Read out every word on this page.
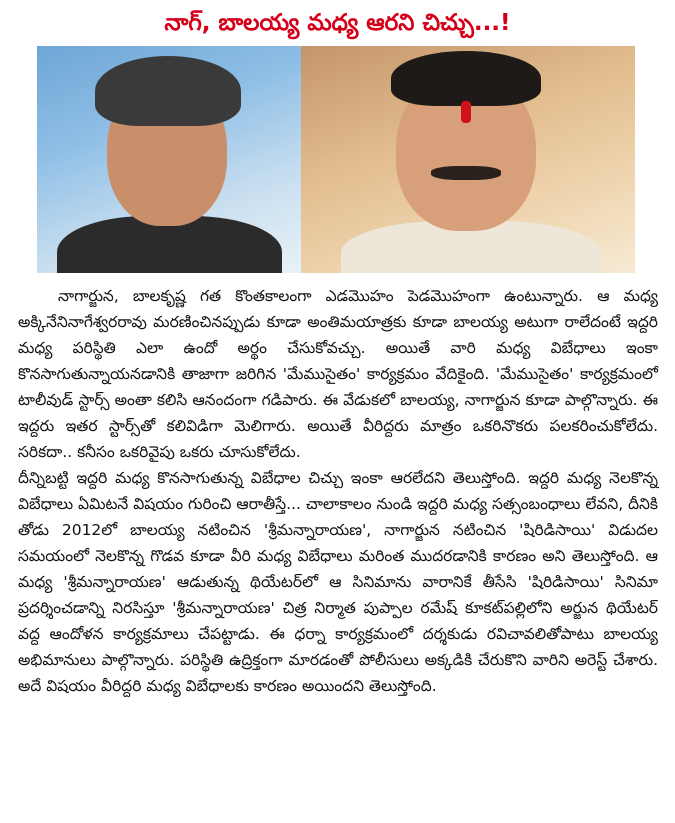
నాగ్, బాలయ్య మధ్య ఆరని చిచ్చు...!

నాగార్జున, బాలకృష్ణ గత కొంతకాలంగా ఎడమొహం పెడమొహంగా ఉంటున్నారు. ఆ మధ్య అక్కినేనినాగేశ్వరరావు మరణించినప్పుడు కూడా అంతిమయాత్రకు కూడా బాలయ్య అటుగా రాలేదంటే ఇద్దరి మధ్య పరిస్థితి ఎలా ఉందో అర్థం చేసుకోవచ్చు. అయితే వారి మధ్య విబేధాలు ఇంకా కొనసాగుతున్నాయనడానికి తాజాగా జరిగిన 'మేముసైతం' కార్యక్రమం వేదికైంది. 'మేముసైతం' కార్యక్రమంలో టాలీవుడ్ స్టార్స్ అంతా కలిసి ఆనందంగా గడిపారు. ఈ వేడుకలో బాలయ్య, నాగార్జున కూడా పాల్గొన్నారు. ఈ ఇద్దరు ఇతర స్టార్స్‌తో కలివిడిగా మెలిగారు. అయితే వీరిద్దరు మాత్రం ఒకరినొకరు పలకరించుకోలేదు. సరికదా.. కనీసం ఒకరివైపు ఒకరు చూసుకోలేదు.

దీన్నిబట్టి ఇద్దరి మధ్య కొనసాగుతున్న విబేధాల చిచ్చు ఇంకా ఆరలేదని తెలుస్తోంది. ఇద్దరి మధ్య నెలకొన్న విబేధాలు ఏమిటనే విషయం గురించి ఆరాతీస్తే... చాలాకాలం నుండి ఇద్దరి మధ్య సత్సంబంధాలు లేవని, దీనికి తోడు 2012లో బాలయ్య నటించిన 'శ్రీమన్నారాయణ', నాగార్జున నటించిన 'షిరిడిసాయి' విడుదల సమయంలో నెలకొన్న గొడవ కూడా వీరి మధ్య విబేధాలు మరింత ముదరడానికి కారణం అని తెలుస్తోంది. ఆ మధ్య 'శ్రీమన్నారాయణ' ఆడుతున్న థియేటర్‌లో ఆ సినిమాను వారానికే తీసేసి 'షిరిడిసాయి' సినిమా ప్రదర్శించడాన్ని నిరసిస్తూ 'శ్రీమన్నారాయణ' చిత్ర నిర్మాత పుప్పాల రమేష్ కూకట్‌పల్లిలోని అర్జున థియేటర్ వద్ద ఆందోళన కార్యక్రమాలు చేపట్టాడు. ఈ ధర్నా కార్యక్రమంలో దర్శకుడు రవిచావలితోపాటు బాలయ్య అభిమానులు పాల్గొన్నారు. పరిస్థితి ఉద్రిక్తంగా మారడంతో పోలీసులు అక్కడికి చేరుకొని వారిని అరెస్ట్ చేశారు. అదే విషయం వీరిద్దరి మధ్య విబేధాలకు కారణం అయిందని తెలుస్తోంది.
